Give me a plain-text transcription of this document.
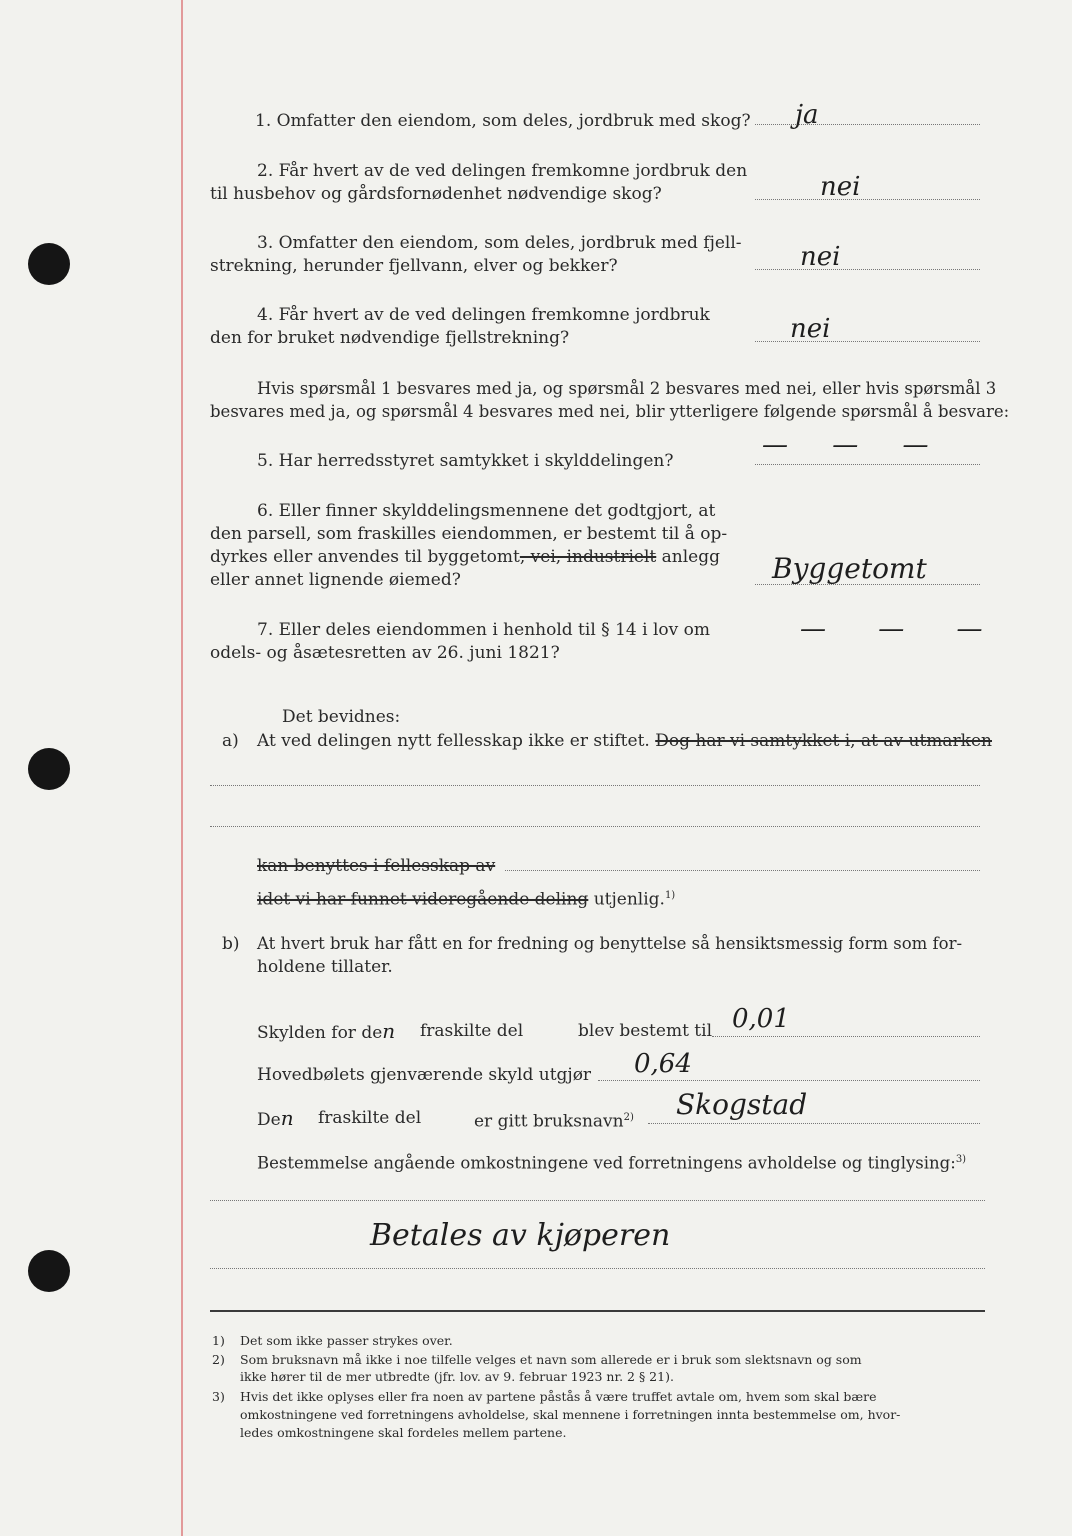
1. Omfatter den eiendom, som deles, jordbruk med skog? ja
2. Får hvert av de ved delingen fremkomne jordbruk den
til husbehov og gårdsfornødenhet nødvendige skog?	nei
3. Omfatter den eiendom, som deles, jordbruk med fjell-
strekning, herunder fjellvann, elver og bekker?	nei
4. Får hvert av de ved delingen fremkomne jordbruk
den for bruket nødvendige fjellstrekning?	nei
Hvis spørsmål 1 besvares med ja, og spørsmål 2 besvares med nei, eller hvis spørsmål 3
besvares med ja, og spørsmål 4 besvares med nei, blir ytterligere følgende spørsmål å besvare:
5. Har herredsstyret samtykket i skylddelingen?
— — —
6. Eller finner skylddelingsmennene det godtgjort, at
den parsell, som fraskilles eiendommen, er bestemt til å op-
dyrkes eller anvendes til byggetomt, vei, industrielt anlegg
eller annet lignende øiemed?	Byggetomt
7. Eller deles eiendommen i henhold til § 14 i lov om
odels- og åsætesretten av 26. juni 1821?
— — —
Det bevidnes:
a) At ved delingen nytt fellesskap ikke er stiftet. Dog har vi samtykket i, at av utmarken
kan benyttes i fellesskap av
idet vi har funnet videregående deling utjenlig.$^{1)}$
b) At hvert bruk har fått en for fredning og benyttelse så hensiktsmessig form som for-
holdene tillater.
Skylden for den fraskilte del	blev bestemt til 0,01
Hovedbølets gjenværende skyld utgjør 0,64
Den fraskilte del	er gitt bruksnavn$^{2)}$ Skogstad
Bestemmelse angående omkostningene ved forretningens avholdelse og tinglysing:$^{3)}$
Betales av kjøperen
1) Det som ikke passer strykes over.
2) Som bruksnavn må ikke i noe tilfelle velges et navn som allerede er i bruk som slektsnavn og som
ikke hører til de mer utbredte (jfr. lov. av 9. februar 1923 nr. 2 § 21).
3) Hvis det ikke oplyses eller fra noen av partene påstås å være truffet avtale om, hvem som skal bære
omkostningene ved forretningens avholdelse, skal mennene i forretningen innta bestemmelse om, hvor-
ledes omkostningene skal fordeles mellem partene.
